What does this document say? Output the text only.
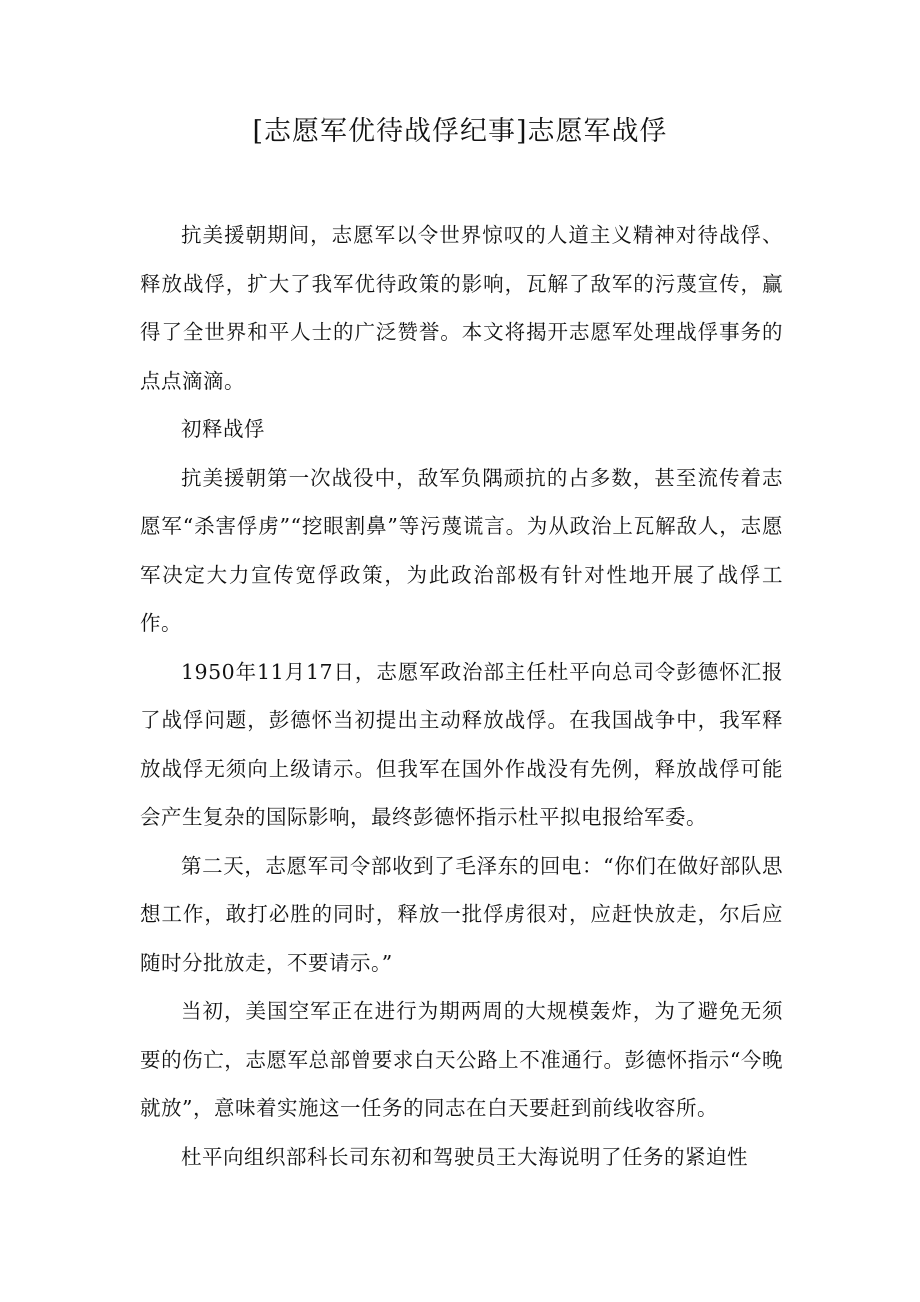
[志愿军优待战俘纪事]志愿军战俘

抗美援朝期间，志愿军以令世界惊叹的人道主义精神对待战俘、释放战俘，扩大了我军优待政策的影响，瓦解了敌军的污蔑宣传，赢得了全世界和平人士的广泛赞誉。本文将揭开志愿军处理战俘事务的点点滴滴。

初释战俘

抗美援朝第一次战役中，敌军负隅顽抗的占多数，甚至流传着志愿军“杀害俘虏”“挖眼割鼻”等污蔑谎言。为从政治上瓦解敌人，志愿军决定大力宣传宽俘政策，为此政治部极有针对性地开展了战俘工作。

1950年11月17日，志愿军政治部主任杜平向总司令彭德怀汇报了战俘问题，彭德怀当初提出主动释放战俘。在我国战争中，我军释放战俘无须向上级请示。但我军在国外作战没有先例，释放战俘可能会产生复杂的国际影响，最终彭德怀指示杜平拟电报给军委。

第二天，志愿军司令部收到了毛泽东的回电：“你们在做好部队思想工作，敢打必胜的同时，释放一批俘虏很对，应赶快放走，尔后应随时分批放走，不要请示。”

当初，美国空军正在进行为期两周的大规模轰炸，为了避免无须要的伤亡，志愿军总部曾要求白天公路上不准通行。彭德怀指示“今晚就放”，意味着实施这一任务的同志在白天要赶到前线收容所。

杜平向组织部科长司东初和驾驶员王大海说明了任务的紧迫性
